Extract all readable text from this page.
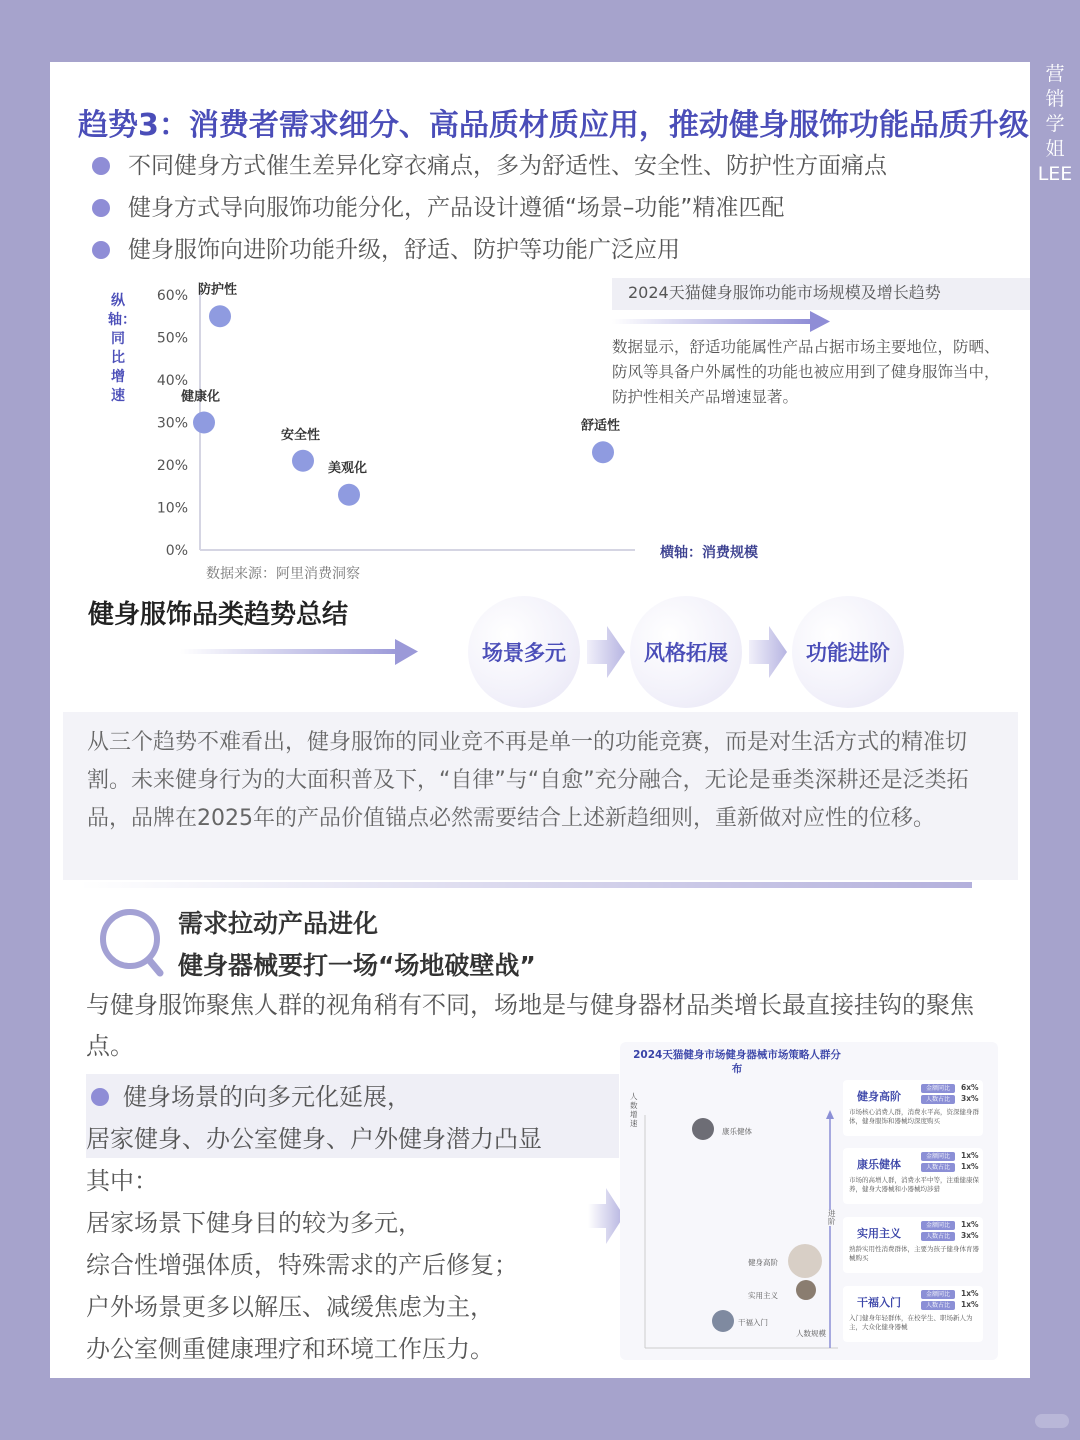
营
销
学
姐
LEE
趋势3：消费者需求细分、高品质材质应用，推动健身服饰功能品质升级
不同健身方式催生差异化穿衣痛点，多为舒适性、安全性、防护性方面痛点
健身方式导向服饰功能分化，产品设计遵循“场景–功能”精准匹配
健身服饰向进阶功能升级，舒适、防护等功能广泛应用
纵轴：同比增速
60%
50%
40%
30%
20%
10%
0%
防护性
健康化
安全性
美观化
舒适性
横轴：消费规模
数据来源：阿里消费洞察
2024天猫健身服饰功能市场规模及增长趋势
数据显示，舒适功能属性产品占据市场主要地位，防晒、防风等具备户外属性的功能也被应用到了健身服饰当中，防护性相关产品增速显著。
健身服饰品类趋势总结
场景多元	风格拓展	功能进阶
从三个趋势不难看出，健身服饰的同业竞不再是单一的功能竞赛，而是对生活方式的精准切割。未来健身行为的大面积普及下，“自律”与“自愈”充分融合，无论是垂类深耕还是泛类拓品，品牌在2025年的产品价值锚点必然需要结合上述新趋细则，重新做对应性的位移。
需求拉动产品进化
健身器械要打一场“场地破壁战”
与健身服饰聚焦人群的视角稍有不同，场地是与健身器材品类增长最直接挂钩的聚焦点。
健身场景的向多元化延展，
居家健身、办公室健身、户外健身潜力凸显
其中：
居家场景下健身目的较为多元，
综合性增强体质，特殊需求的产后修复；
户外场景更多以解压、减缓焦虑为主，
办公室侧重健康理疗和环境工作压力。
2024天猫健身市场健身器械市场策略人群分布
人数增速
进阶
人数规模
康乐健体
健身高阶
实用主义
干福入门
健身高阶
金额同比
人数占比
6x%
3x%
市场核心消费人群，消费水平高，资深健身群体，健身服饰和器械均深度购买
康乐健体
金额同比
人数占比
1x%
1x%
市场的高增人群，消费水平中等，注重健康保养，健身大器械和小器械均涉猎
实用主义
金额同比
人数占比
1x%
3x%
熟龄实用性消费群体，主要为孩子健身体育器械购买
干福入门
金额同比
人数占比
1x%
1x%
入门健身年轻群体，在校学生、职场新人为主，大众化健身器械
